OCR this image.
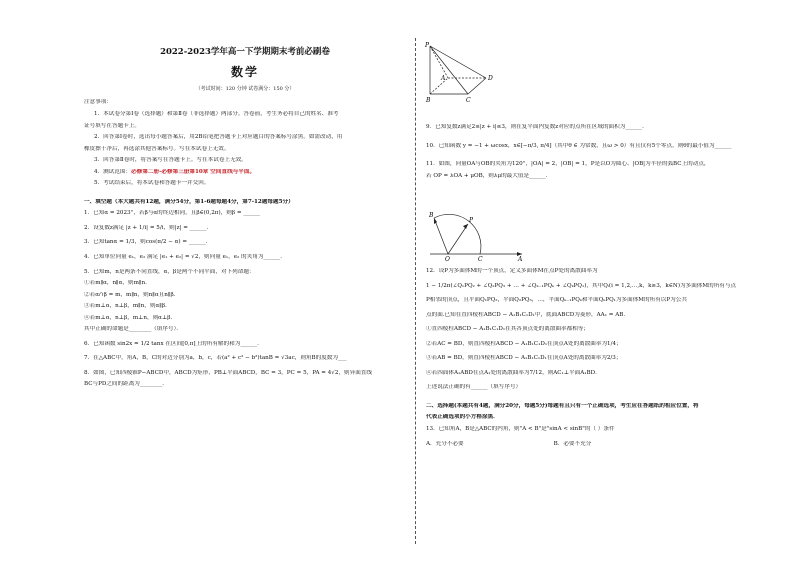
2022-2023学年高一下学期期末考前必刷卷
数学
（考试时间：120 分钟 试卷满分：150 分）

注意事项：

1．本试卷分第Ⅰ卷（选择题）和第Ⅱ卷（非选择题）两部分。答卷前，考生务必将自己的姓名、准考

证号填写在答题卡上。

2．回答第Ⅰ卷时，选出每小题答案后，用2B铅笔把答题卡上对应题目的答案标号涂黑。如需改动，用

橡皮擦干净后，再选涂其他答案标号。写在本试卷上无效。

3．回答第Ⅱ卷时，将答案写在答题卡上。写在本试卷上无效。

4．测试范围：必修第二册-必修第三册第10章 空间直线与平面。

5．考试结束后，将本试卷和答题卡一并交回。

一、填空题（本大题共有12题，满分54分，第1-6题每题4分，第7-12题每题5分）

1．已知α = 2023°，若β与α的终边相同，且β∈(0,2π)，则β = ______

2．设复数z满足 |z + 1/i| = 5/i，则|z| = ______．

3．已知tanα = 1/3，则cos(π/2 − α) = ______．

4．已知单位向量 e₁，e₂ 满足 |e₁ + e₂| = √2，则向量 e₁，e₂ 的夹角为______．

5．已知m，n是两条不同直线，α，β是两个不同平面，对下列命题：

①若m∥α，n∥α，则m∥n．

②若α∩β = m，m∥n，则n∥α且n∥β．

③若m⊥α，n⊥β，m∥n，则α∥β．

④若m⊥α，n⊥β，m⊥n，则α⊥β．

其中正确的命题是________（填序号）．

6．已知函数 sin2x = 1/2 tanx 在区间[0,π]上的所有解的和为______．

7．在△ABC中，角A，B，C的对边分别为a，b，c，若(a² + c² − b²)tanB = √3ac，则角B的度数为___

8．如图，已知四棱锥P−ABCD中，ABCD为矩形，PB⊥平面ABCD，BC = 3，PC = 5，PA = 4√2，则异面直线

BC与PD之间的距离为________．

P
A	D
B	C
B
P
C	A
O

9．已知复数z满足2≤|z + i|≤3，则在复平面内复数z对应的点所在区域的面积为______．

10．已知函数 y = −1 + ωcosx，x∈[−π/3, π/4]（其中θ ∈ 为常数，且ω > 0）有且仅有5个零点，则θ的最小值为______

11．如图，向量OA与OB的夹角为120°，|OA| = 2，|OB| = 1，P是以O为圆心、|OB|为半径的弧BC上的动点，

若 OP = λOA + μOB，则λμ的最大值是______．

12．设P为多面体M的一个顶点，定义多面体M在点P处的离散曲率为

1 − 1/2π(∠Q₁PQ₂ + ∠Q₂PQ₃ + … + ∠Qₖ₋₁PQₖ + ∠QₖPQ₁)，其中Qᵢ(i = 1,2,…,k，k≥3，k∈N)为多面体M的所有与点

P相邻的顶点，且平面Q₁PQ₂，平面Q₂PQ₃，…，平面Qₖ₋₁PQₖ和平面QₖPQ₁为多面体M的所有以P为公共

点的面.已知在直四棱柱ABCD − A₁B₁C₁D₁中，底面ABCD为菱形，AA₁ = AB．

①直四棱柱ABCD − A₁B₁C₁D₁在其各顶点处的离散曲率都相等；

②若AC = BD，则直四棱柱ABCD − A₁B₁C₁D₁在顶点A处的离散曲率为1/4；

③若AB = BD，则直四棱柱ABCD − A₁B₁C₁D₁在顶点A处的离散曲率为2/3；

④若四面体A₁ABD在点A₁处的离散曲率为7/12，则AC₁⊥平面A₁BD．

上述说法正确的有______（填写序号）

二、选择题(本题共有4题，满分20分，每题5分)每题有且只有一个正确选项，考生应在答题纸的相应位置，将

代表正确选项的小方格涂黑．

13．已知角A，B是△ABC的内角，则"A < B"是"sinA < sinB"的（ ）条件

A．充分不必要	B．必要不充分
